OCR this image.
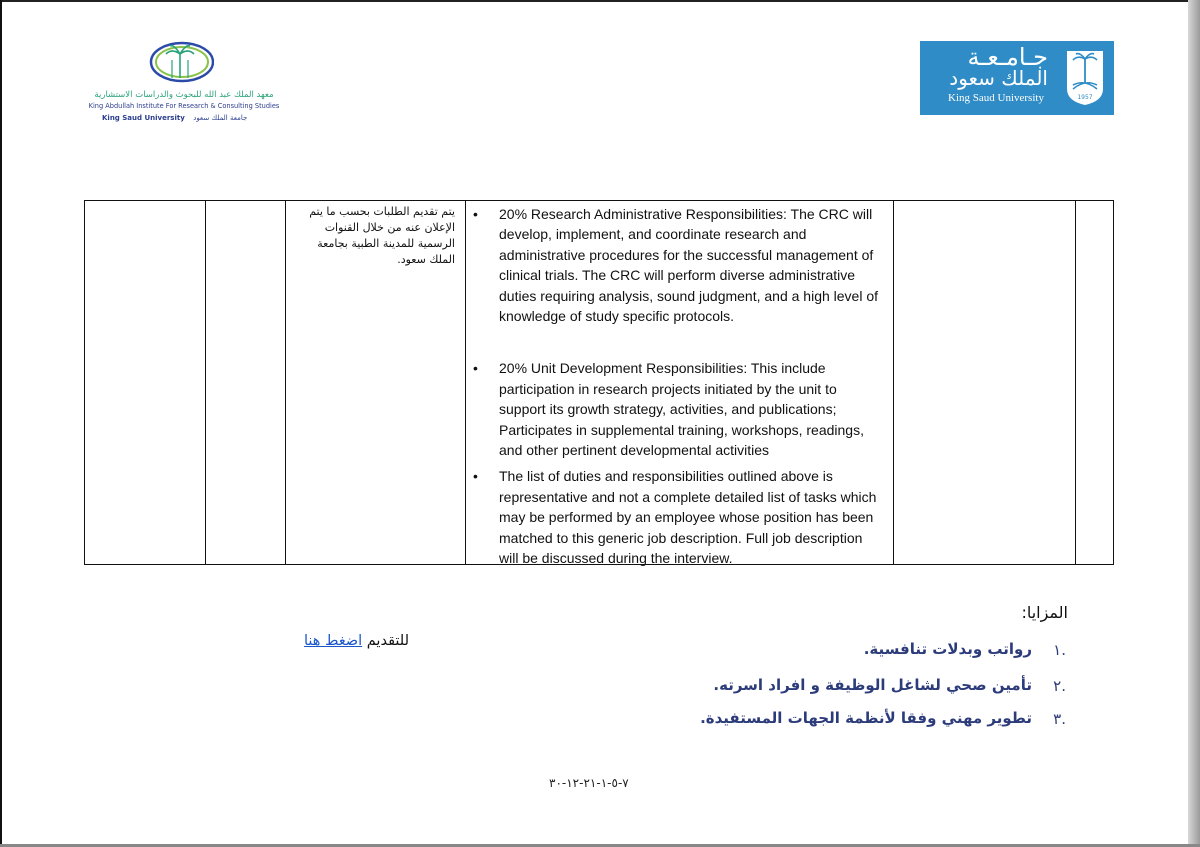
معهد الملك عبد الله للبحوث والدراسات الاستشارية
King Abdullah Institute For Research & Consulting Studies
King Saud University جامعة الملك سعود
جـامـعـة
الملك سعود
King Saud University	1957
يتم تقديم الطلبات بحسب ما يتم الإعلان عنه من خلال القنوات الرسمية للمدينة الطبية بجامعة الملك سعود.

• 20% Research Administrative Responsibilities: The CRC will develop, implement, and coordinate research and administrative procedures for the successful management of clinical trials. The CRC will perform diverse administrative duties requiring analysis, sound judgment, and a high level of knowledge of study specific protocols.

• 20% Unit Development Responsibilities: This include participation in research projects initiated by the unit to support its growth strategy, activities, and publications; Participates in supplemental training, workshops, readings, and other pertinent developmental activities

• The list of duties and responsibilities outlined above is representative and not a complete detailed list of tasks which may be performed by an employee whose position has been matched to this generic job description. Full job description will be discussed during the interview.

المزايا:
١.
رواتب وبدلات تنافسية.
٢.
تأمين صحي لشاغل الوظيفة و افراد اسرته.
٣.
تطوير مهني وفقا لأنظمة الجهات المستفيدة.
للتقديم اضغط هنا
٧-٥-١-٢١-١٢-٣٠
